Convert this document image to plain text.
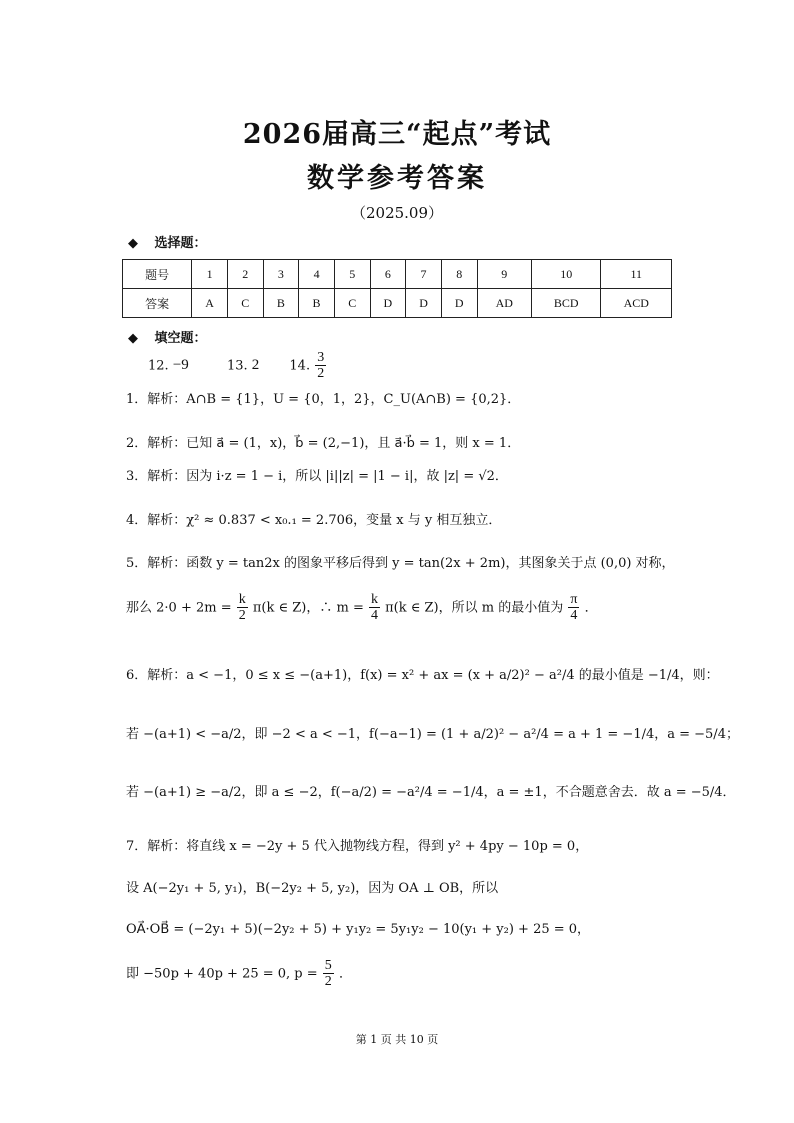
2026届高三“起点”考试
数学参考答案
（2025.09）
◆ 选择题：
题号	1	2	3	4	5	6	7	8	9	10	11
答案	A	C	B	B	C	D	D	D	AD	BCD	ACD
◆ 填空题：
12. −9	13. 2 14. $\frac{3}{2}$
1．解析：A∩B = {1}，U = {0，1，2}，C_U(A∩B) = {0,2}．
2．解析：已知 a⃗ = (1，x)，b⃗ = (2,−1)，且 a⃗·b⃗ = 1，则 x = 1．
3．解析：因为 i·z = 1 − i，所以 |i||z| = |1 − i|，故 |z| = √2．
4．解析：χ² ≈ 0.837 < x₀.₁ = 2.706，变量 x 与 y 相互独立．
5．解析：函数 y = tan2x 的图象平移后得到 y = tan(2x + 2m)，其图象关于点 (0,0) 对称，
那么 $2\cdot 0 + 2m = \frac{k}{2} \pi(k$ ∈ Z)，∴ $m = \frac{k}{4} \pi(k$ ∈ Z)，所以 m 的最小值为 $\frac{\pi}{4}$ ．
6．解析：a < −1，0 ≤ x ≤ −(a+1)，f(x) = x² + ax = (x + a/2)² − a²/4 的最小值是 −1/4，则：
若 −(a+1) < −a/2，即 −2 < a < −1，f(−a−1) = (1 + a/2)² − a²/4 = a + 1 = −1/4，a = −5/4；
若 −(a+1) ≥ −a/2，即 a ≤ −2，f(−a/2) = −a²/4 = −1/4，a = ±1，不合题意舍去．故 a = −5/4．
7．解析：将直线 x = −2y + 5 代入抛物线方程，得到 y² + 4py − 10p = 0，
设 A(−2y₁ + 5, y₁)，B(−2y₂ + 5, y₂)，因为 OA ⊥ OB，所以
OA⃗·OB⃗ = (−2y₁ + 5)(−2y₂ + 5) + y₁y₂ = 5y₁y₂ − 10(y₁ + y₂) + 25 = 0，
即 −50p + 40p + 25 = 0, $p = \frac{5}{2}$ ．
第 1 页 共 10 页
